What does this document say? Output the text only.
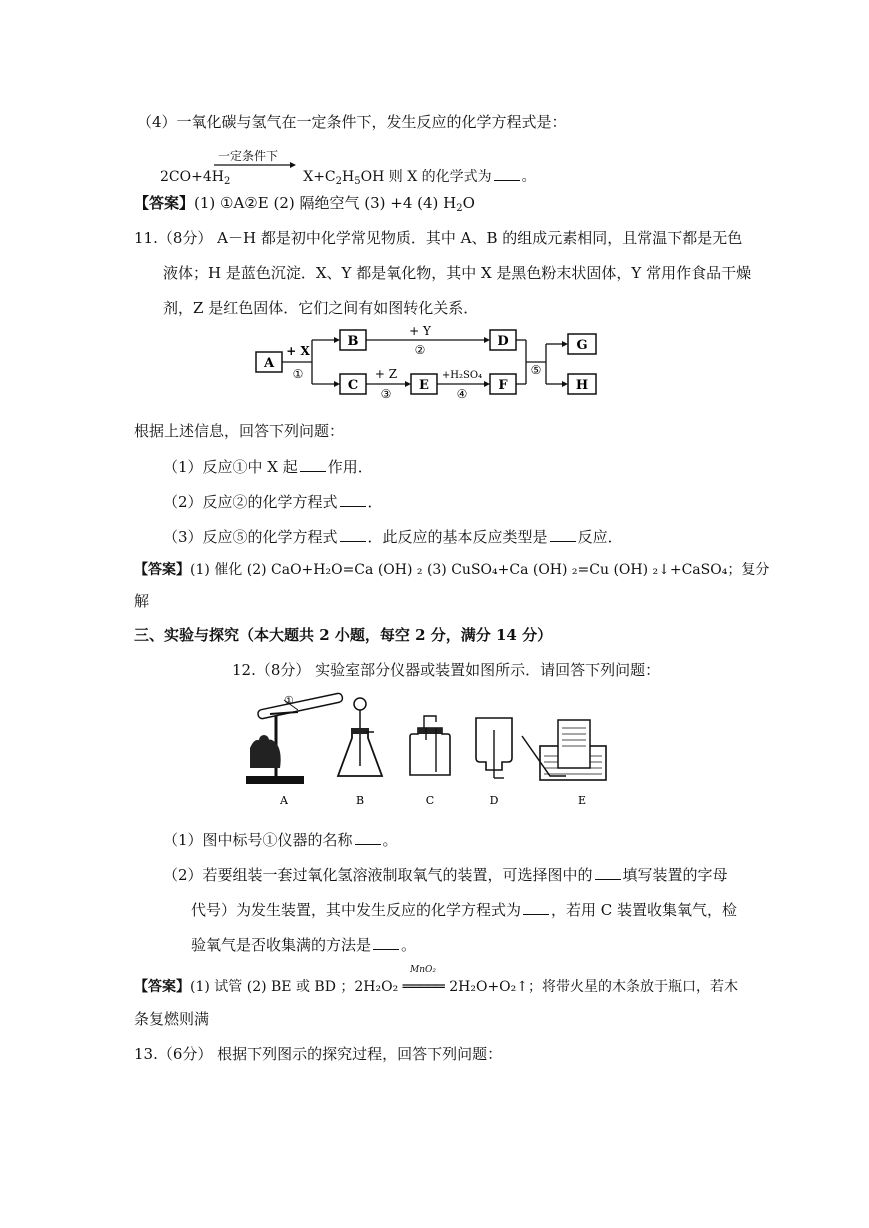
（4）一氧化碳与氢气在一定条件下，发生反应的化学方程式是：
一定条件下
$2CO+4H_2$	$X+C_2H_5OH$ 则 X 的化学式为 。
【答案】(1) ①A②E (2) 隔绝空气 (3) +4 (4) $H_2O$
11.（8分） A－H 都是初中化学常见物质．其中 A、B 的组成元素相同，且常温下都是无色
液体；H 是蓝色沉淀．X、Y 都是氧化物，其中 X 是黑色粉末状固体，Y 常用作食品干燥
剂，Z 是红色固体．它们之间有如图转化关系．
A
+ X
①
B
+ Y
②
C
+ Z
③
E
+H₂SO₄
④
D
F
⑤
G
H
根据上述信息，回答下列问题：
（1）反应①中 X 起 作用．
（2）反应②的化学方程式 ．
（3）反应⑤的化学方程式 ．此反应的基本反应类型是 反应．
【答案】(1) 催化 (2) CaO+H₂O=Ca (OH) ₂ (3) CuSO₄+Ca (OH) ₂=Cu (OH) ₂↓+CaSO₄；复分
解
三、实验与探究（本大题共 2 小题，每空 2 分，满分 14 分）
12.（8分） 实验室部分仪器或装置如图所示．请回答下列问题：
①
A	B	C	D	E
（1）图中标号①仪器的名称 。
（2）若要组装一套过氧化氢溶液制取氧气的装置，可选择图中的 填写装置的字母
代号）为发生装置，其中发生反应的化学方程式为 ，若用 C 装置收集氧气，检
验氧气是否收集满的方法是 。
MnO₂
【答案】(1) 试管 (2) BE 或 BD ；2H₂O₂ ═════ 2H₂O+O₂↑；将带火星的木条放于瓶口，若木
条复燃则满
13.（6分） 根据下列图示的探究过程，回答下列问题：
